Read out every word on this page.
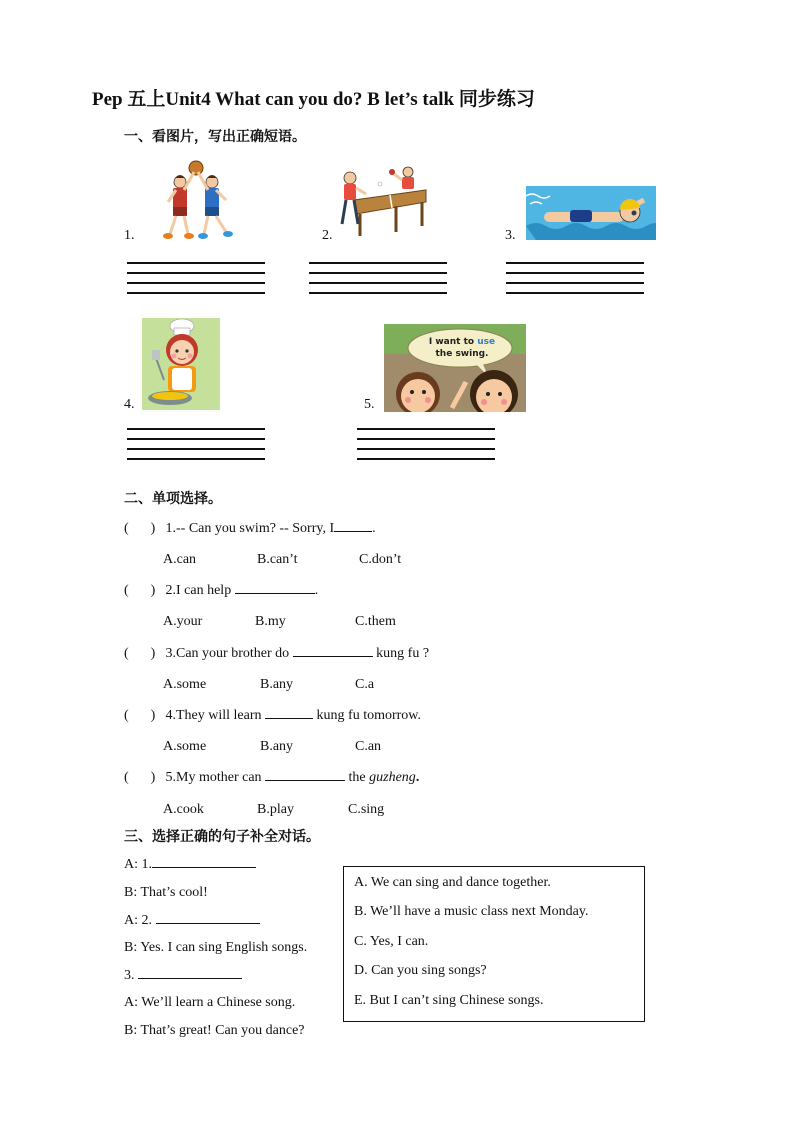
Pep 五上Unit4 What can you do? B let’s talk 同步练习
一、看图片，写出正确短语。
1.	2.	3.
4.
I want to use
the swing.
5.
二、单项选择。
( ) 1.-- Can you swim? -- Sorry, I	.
A.can	B.can’t	C.don’t
( ) 2.I can help	.
A.your	B.my	C.them
( ) 3.Can your brother do	kung fu ?
A.some	B.any	C.a
( ) 4.They will learn	kung fu tomorrow.
A.some	B.any	C.an
( ) 5.My mother can	the guzheng.
A.cook	B.play	C.sing
三、选择正确的句子补全对话。
A: 1.
B: That’s cool!
A: 2.
B: Yes. I can sing English songs.
3.
A: We’ll learn a Chinese song.
B: That’s great! Can you dance?
A. We can sing and dance together.
B. We’ll have a music class next Monday.
C. Yes, I can.
D. Can you sing songs?
E. But I can’t sing Chinese songs.
